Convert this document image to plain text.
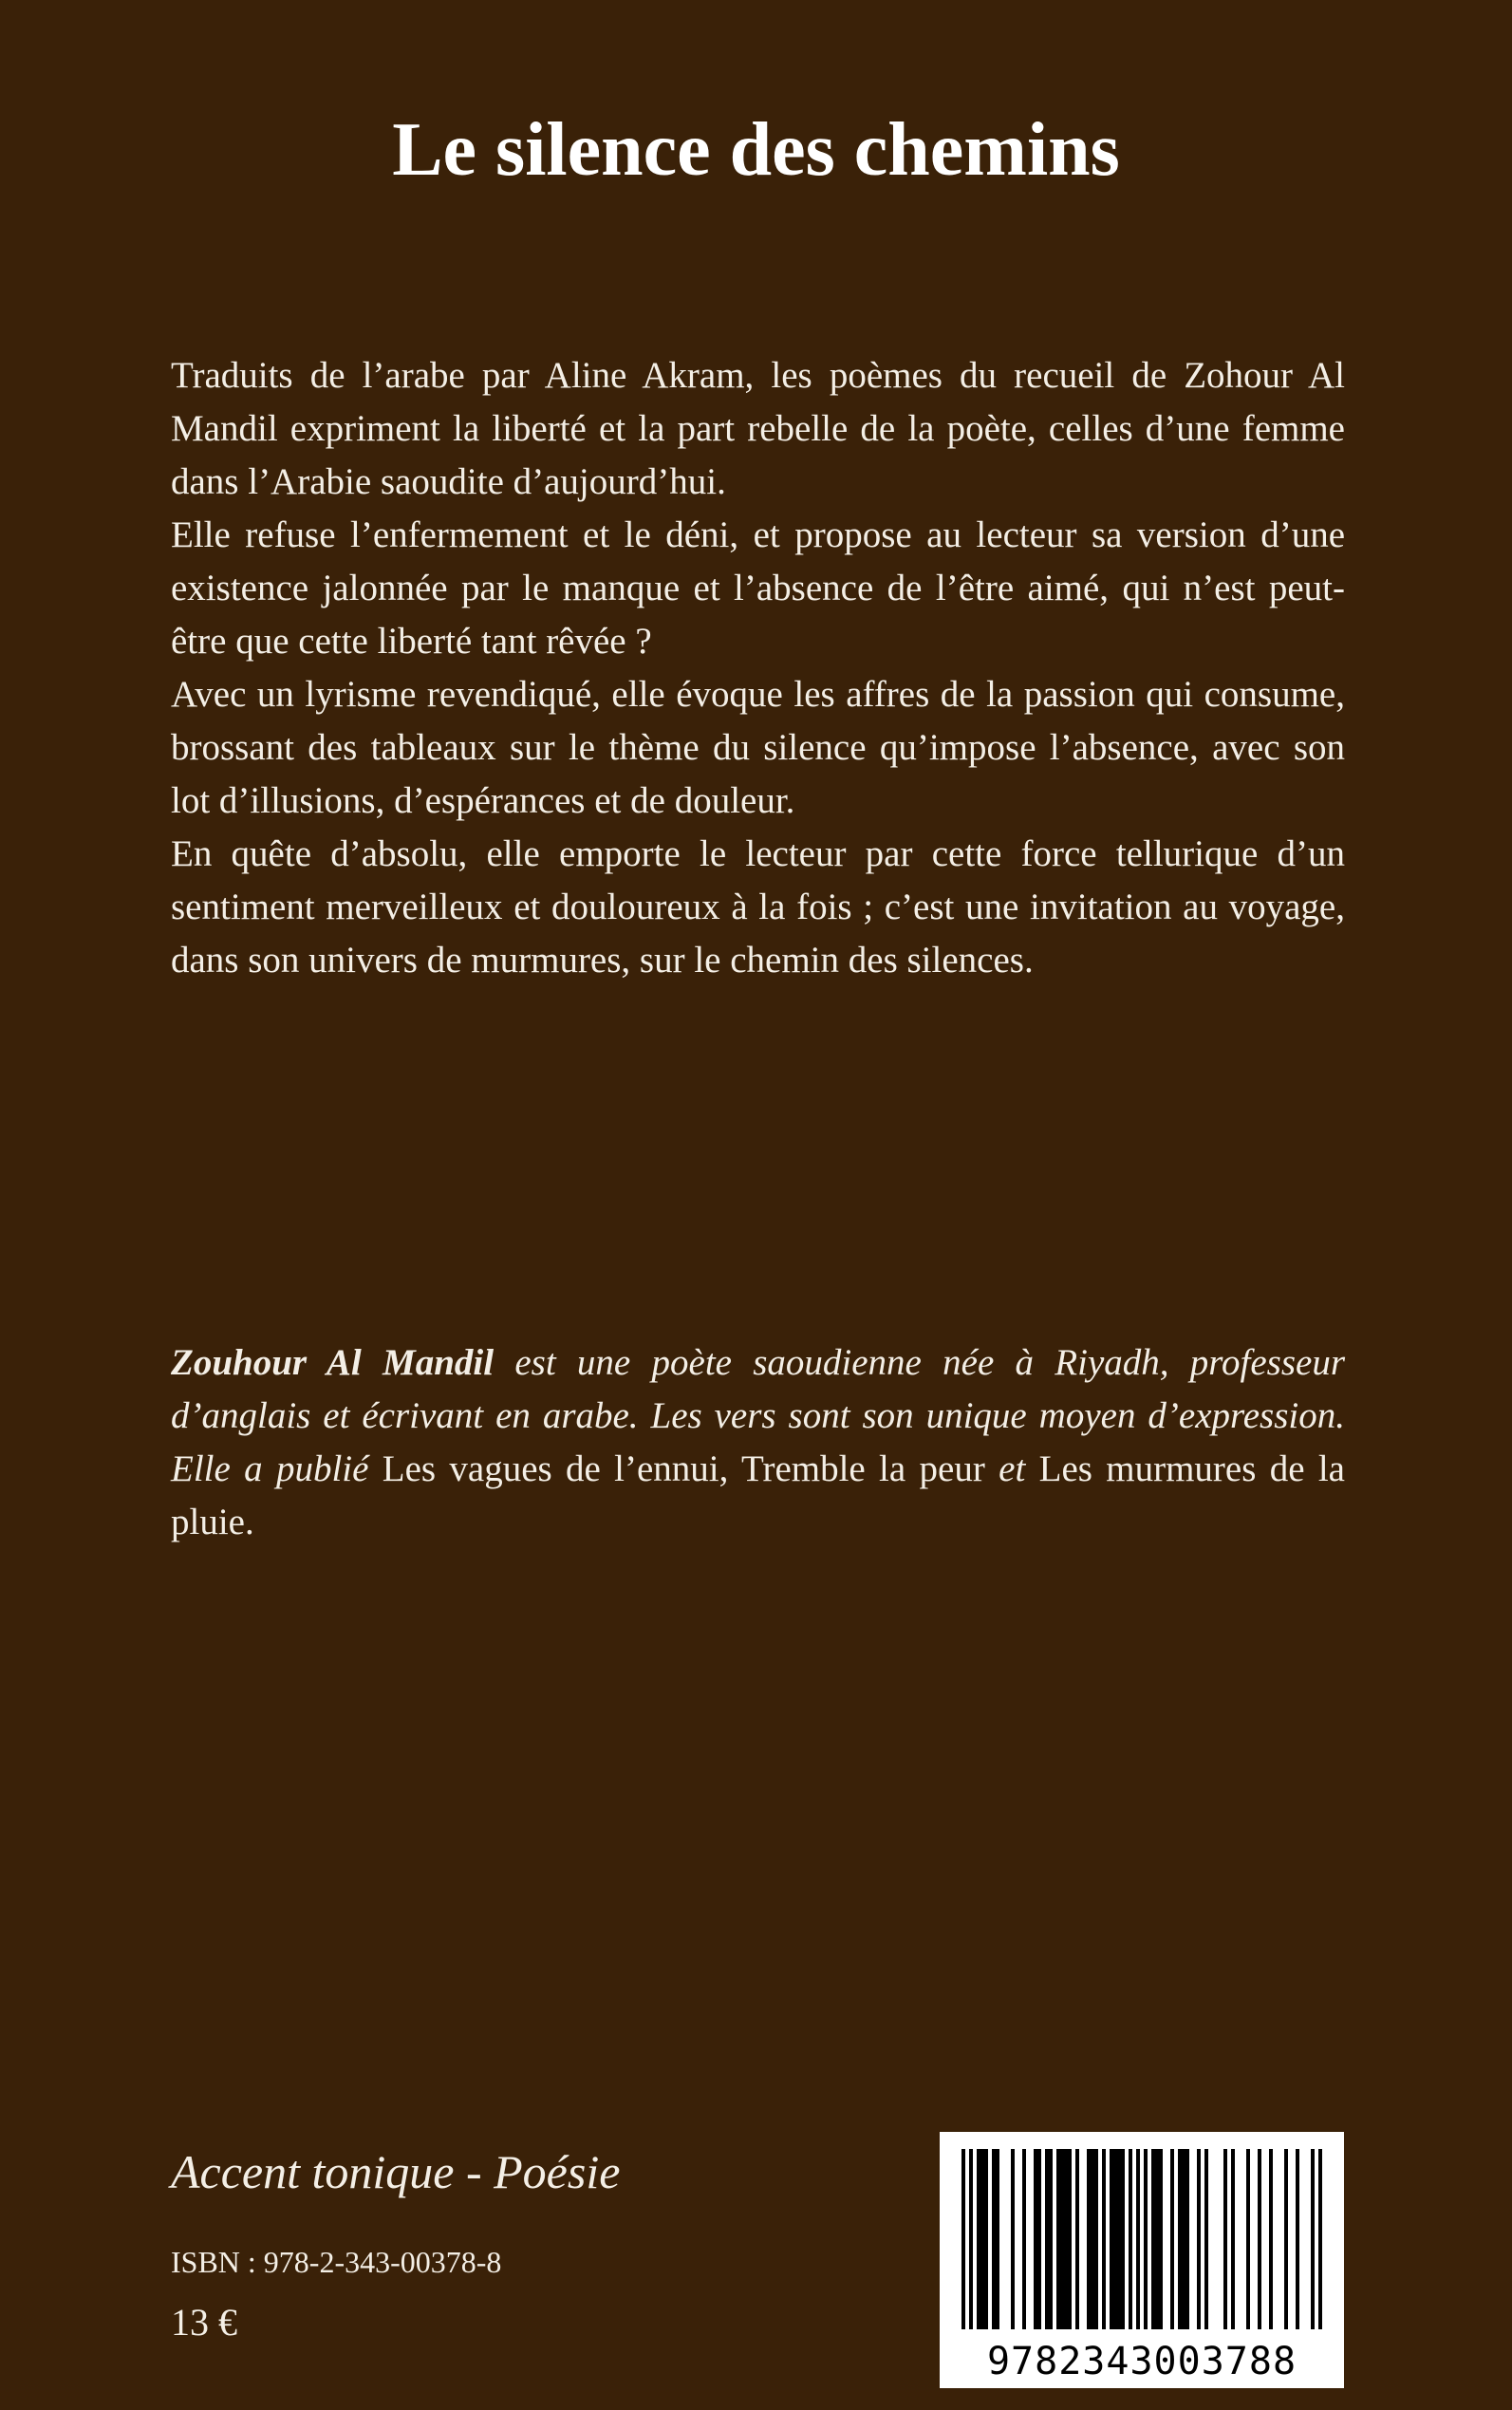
Le silence des chemins

Traduits de l’arabe par Aline Akram, les poèmes du recueil de Zohour Al Mandil expriment la liberté et la part rebelle de la poète, celles d’une femme dans l’Arabie saoudite d’aujourd’hui.

Elle refuse l’enfermement et le déni, et propose au lecteur sa version d’une existence jalonnée par le manque et l’absence de l’être aimé, qui n’est peut-être que cette liberté tant rêvée ?

Avec un lyrisme revendiqué, elle évoque les affres de la passion qui consume, brossant des tableaux sur le thème du silence qu’impose l’absence, avec son lot d’illusions, d’espérances et de douleur.

En quête d’absolu, elle emporte le lecteur par cette force tellurique d’un sentiment merveilleux et douloureux à la fois ; c’est une invitation au voyage, dans son univers de murmures, sur le chemin des silences.

Zouhour Al Mandil est une poète saoudienne née à Riyadh, professeur d’anglais et écrivant en arabe. Les vers sont son unique moyen d’expression. Elle a publié Les vagues de l’ennui, Tremble la peur et Les murmures de la pluie.

Accent tonique - Poésie
ISBN : 978-2-343-00378-8
13 €
9782343003788
